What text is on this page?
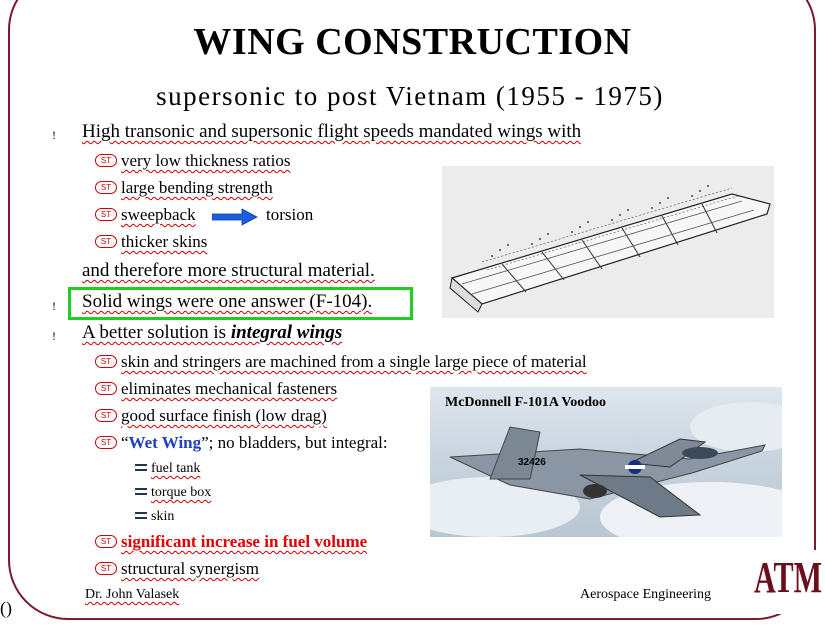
WING CONSTRUCTION
supersonic to post Vietnam (1955 - 1975)
! High transonic and supersonic flight speeds mandated wings with
ST very low thickness ratios
ST large bending strength
ST sweepback	torsion
ST thicker skins
and therefore more structural material.
! Solid wings were one answer (F-104).
! A better solution is integral wings
ST skin and stringers are machined from a single large piece of material
ST eliminates mechanical fasteners
ST good surface finish (low drag)
ST “Wet Wing”; no bladders, but integral:
fuel tank
torque box
skin
ST significant increase in fuel volume
ST structural synergism
McDonnell F-101A Voodoo
32426
Dr. John Valasek	Aerospace Engineering
()
ATM
